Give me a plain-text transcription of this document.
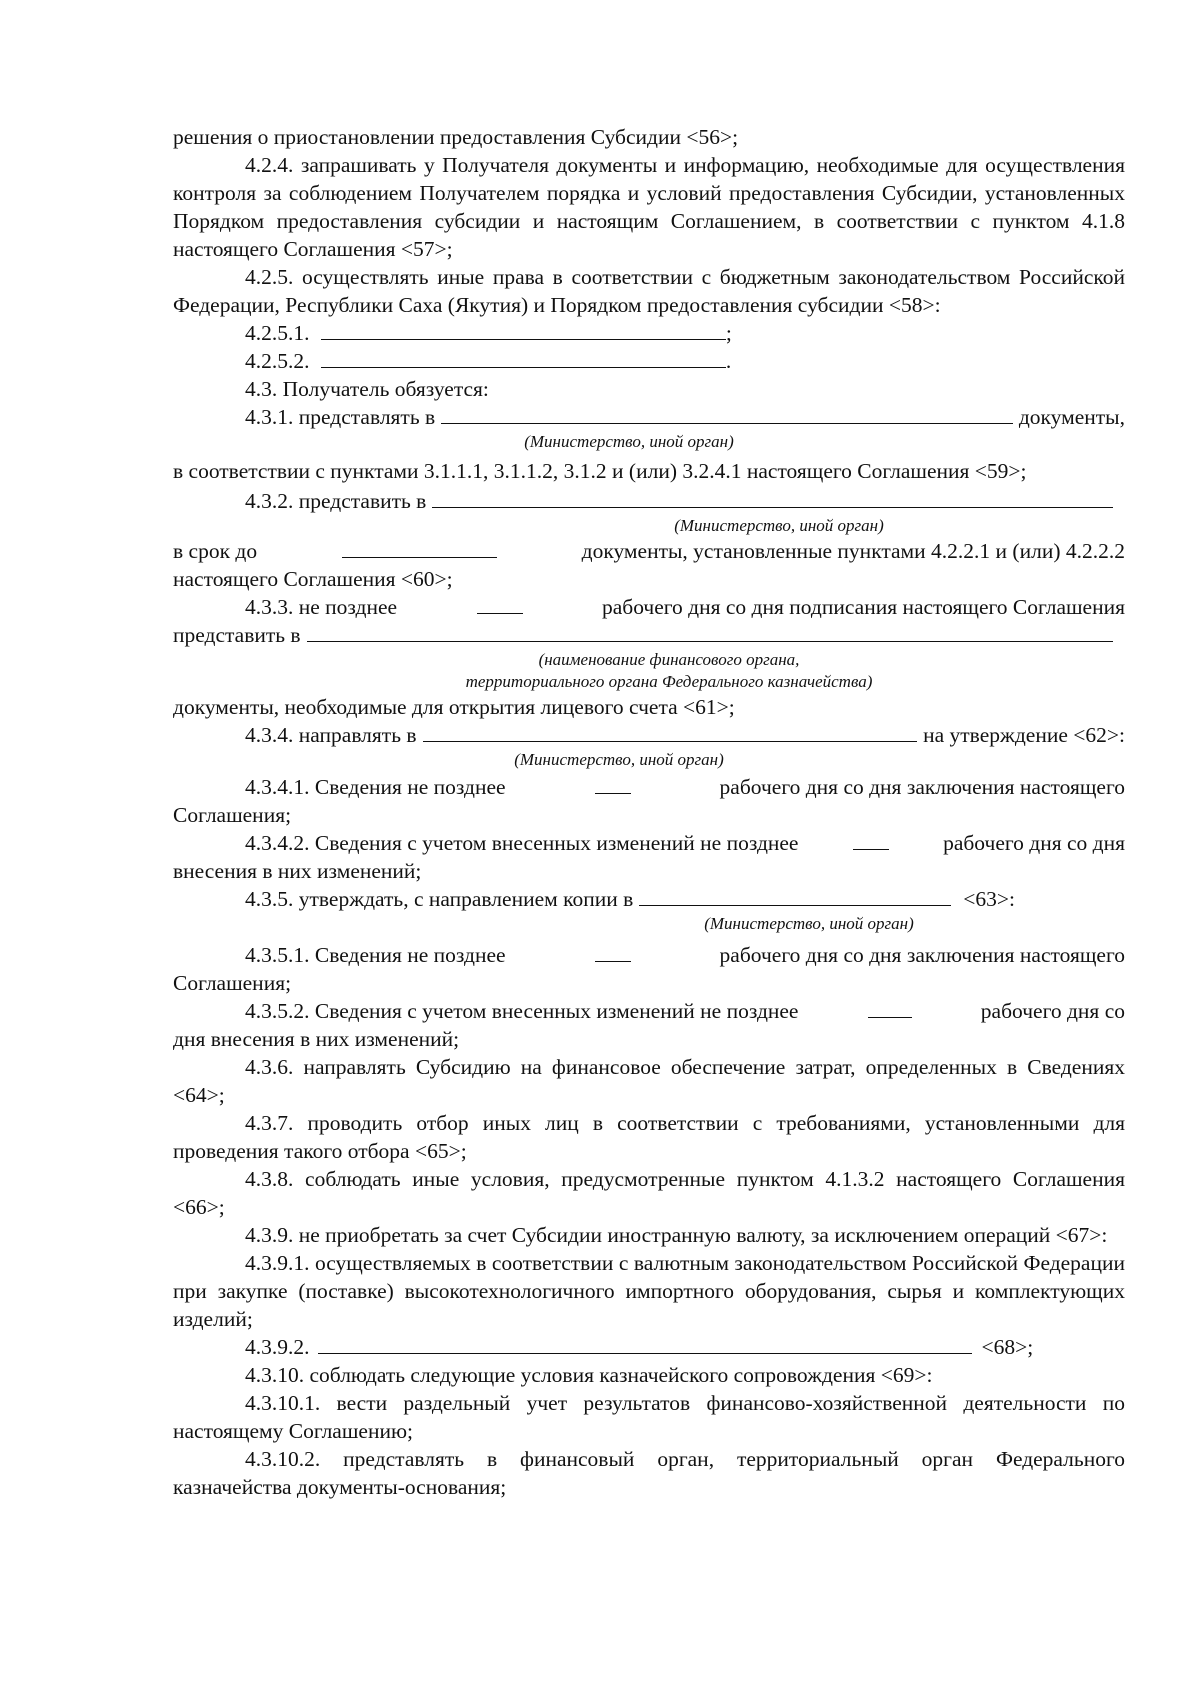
решения о приостановлении предоставления Субсидии <56>;
4.2.4. запрашивать у Получателя документы и информацию, необходимые для осуществления контроля за соблюдением Получателем порядка и условий предоставления Субсидии, установленных Порядком предоставления субсидии и настоящим Соглашением, в соответствии с пунктом 4.1.8 настоящего Соглашения <57>;
4.2.5. осуществлять иные права в соответствии с бюджетным законодательством Российской Федерации, Республики Саха (Якутия) и Порядком предоставления субсидии <58>:
4.2.5.1.	;
4.2.5.2.	.
4.3. Получатель обязуется:
4.3.1. представлять в	документы,
(Министерство, иной орган)
в соответствии с пунктами 3.1.1.1, 3.1.1.2, 3.1.2 и (или) 3.2.4.1 настоящего Соглашения <59>;
4.3.2. представить в
(Министерство, иной орган)
в срок до	документы, установленные пунктами 4.2.2.1 и (или) 4.2.2.2
настоящего Соглашения <60>;
4.3.3. не позднее	рабочего дня со дня подписания настоящего Соглашения
представить в
(наименование финансового органа,
территориального органа Федерального казначейства)
документы, необходимые для открытия лицевого счета <61>;
4.3.4. направлять в	на утверждение <62>:
(Министерство, иной орган)
4.3.4.1. Сведения не позднее	рабочего дня со дня заключения настоящего
Соглашения;
4.3.4.2. Сведения с учетом внесенных изменений не позднее	рабочего дня со дня
внесения в них изменений;
4.3.5. утверждать, с направлением копии в	<63>:
(Министерство, иной орган)
4.3.5.1. Сведения не позднее	рабочего дня со дня заключения настоящего
Соглашения;
4.3.5.2. Сведения с учетом внесенных изменений не позднее	рабочего дня со
дня внесения в них изменений;
4.3.6. направлять Субсидию на финансовое обеспечение затрат, определенных в Сведениях <64>;
4.3.7. проводить отбор иных лиц в соответствии с требованиями, установленными для проведения такого отбора <65>;
4.3.8. соблюдать иные условия, предусмотренные пунктом 4.1.3.2 настоящего Соглашения <66>;
4.3.9. не приобретать за счет Субсидии иностранную валюту, за исключением операций <67>:
4.3.9.1. осуществляемых в соответствии с валютным законодательством Российской Федерации при закупке (поставке) высокотехнологичного импортного оборудования, сырья и комплектующих изделий;
4.3.9.2.	<68>;
4.3.10. соблюдать следующие условия казначейского сопровождения <69>:
4.3.10.1. вести раздельный учет результатов финансово-хозяйственной деятельности по настоящему Соглашению;
4.3.10.2. представлять в финансовый орган, территориальный орган Федерального казначейства документы-основания;
